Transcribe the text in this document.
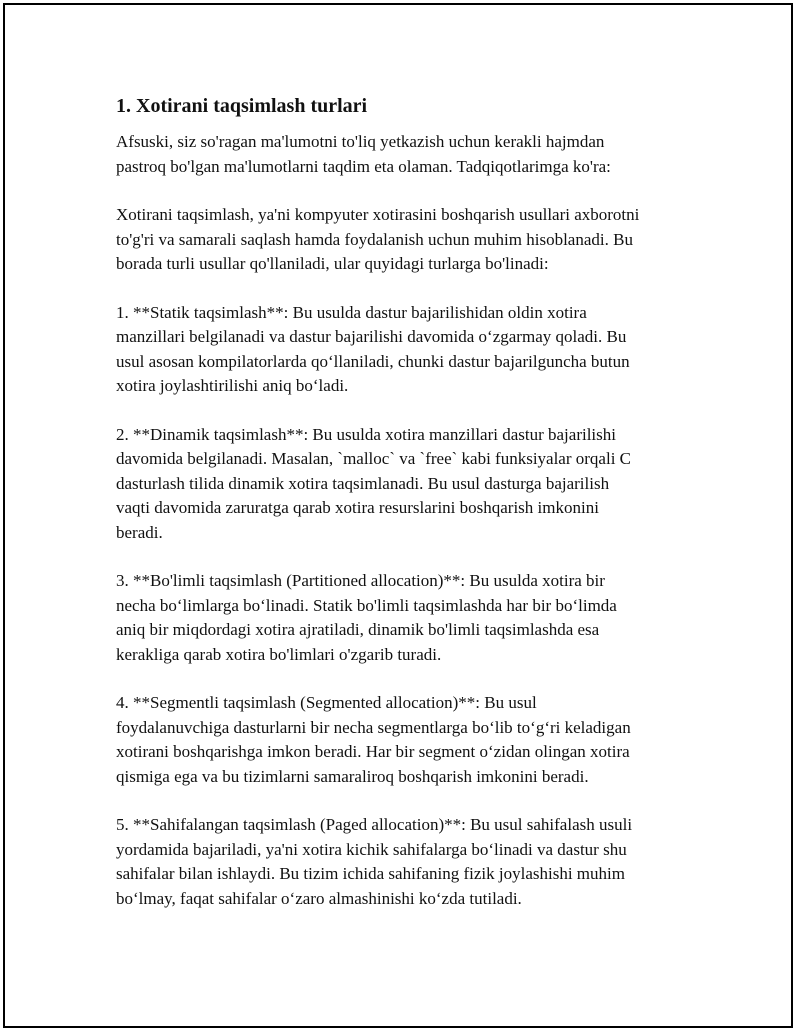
1. Xotirani taqsimlash turlari

Afsuski, siz so'ragan ma'lumotni to'liq yetkazish uchun kerakli hajmdan
pastroq bo'lgan ma'lumotlarni taqdim eta olaman. Tadqiqotlarimga ko'ra:

Xotirani taqsimlash, ya'ni kompyuter xotirasini boshqarish usullari axborotni
to'g'ri va samarali saqlash hamda foydalanish uchun muhim hisoblanadi. Bu
borada turli usullar qo'llaniladi, ular quyidagi turlarga bo'linadi:

1. **Statik taqsimlash**: Bu usulda dastur bajarilishidan oldin xotira
manzillari belgilanadi va dastur bajarilishi davomida o‘zgarmay qoladi. Bu
usul asosan kompilatorlarda qo‘llaniladi, chunki dastur bajarilguncha butun
xotira joylashtirilishi aniq bo‘ladi.

2. **Dinamik taqsimlash**: Bu usulda xotira manzillari dastur bajarilishi
davomida belgilanadi. Masalan, `malloc` va `free` kabi funksiyalar orqali C
dasturlash tilida dinamik xotira taqsimlanadi. Bu usul dasturga bajarilish
vaqti davomida zaruratga qarab xotira resurslarini boshqarish imkonini
beradi.

3. **Bo'limli taqsimlash (Partitioned allocation)**: Bu usulda xotira bir
necha bo‘limlarga bo‘linadi. Statik bo'limli taqsimlashda har bir bo‘limda
aniq bir miqdordagi xotira ajratiladi, dinamik bo'limli taqsimlashda esa
kerakliga qarab xotira bo'limlari o'zgarib turadi.

4. **Segmentli taqsimlash (Segmented allocation)**: Bu usul
foydalanuvchiga dasturlarni bir necha segmentlarga bo‘lib to‘g‘ri keladigan
xotirani boshqarishga imkon beradi. Har bir segment o‘zidan olingan xotira
qismiga ega va bu tizimlarni samaraliroq boshqarish imkonini beradi.

5. **Sahifalangan taqsimlash (Paged allocation)**: Bu usul sahifalash usuli
yordamida bajariladi, ya'ni xotira kichik sahifalarga bo‘linadi va dastur shu
sahifalar bilan ishlaydi. Bu tizim ichida sahifaning fizik joylashishi muhim
bo‘lmay, faqat sahifalar o‘zaro almashinishi ko‘zda tutiladi.
